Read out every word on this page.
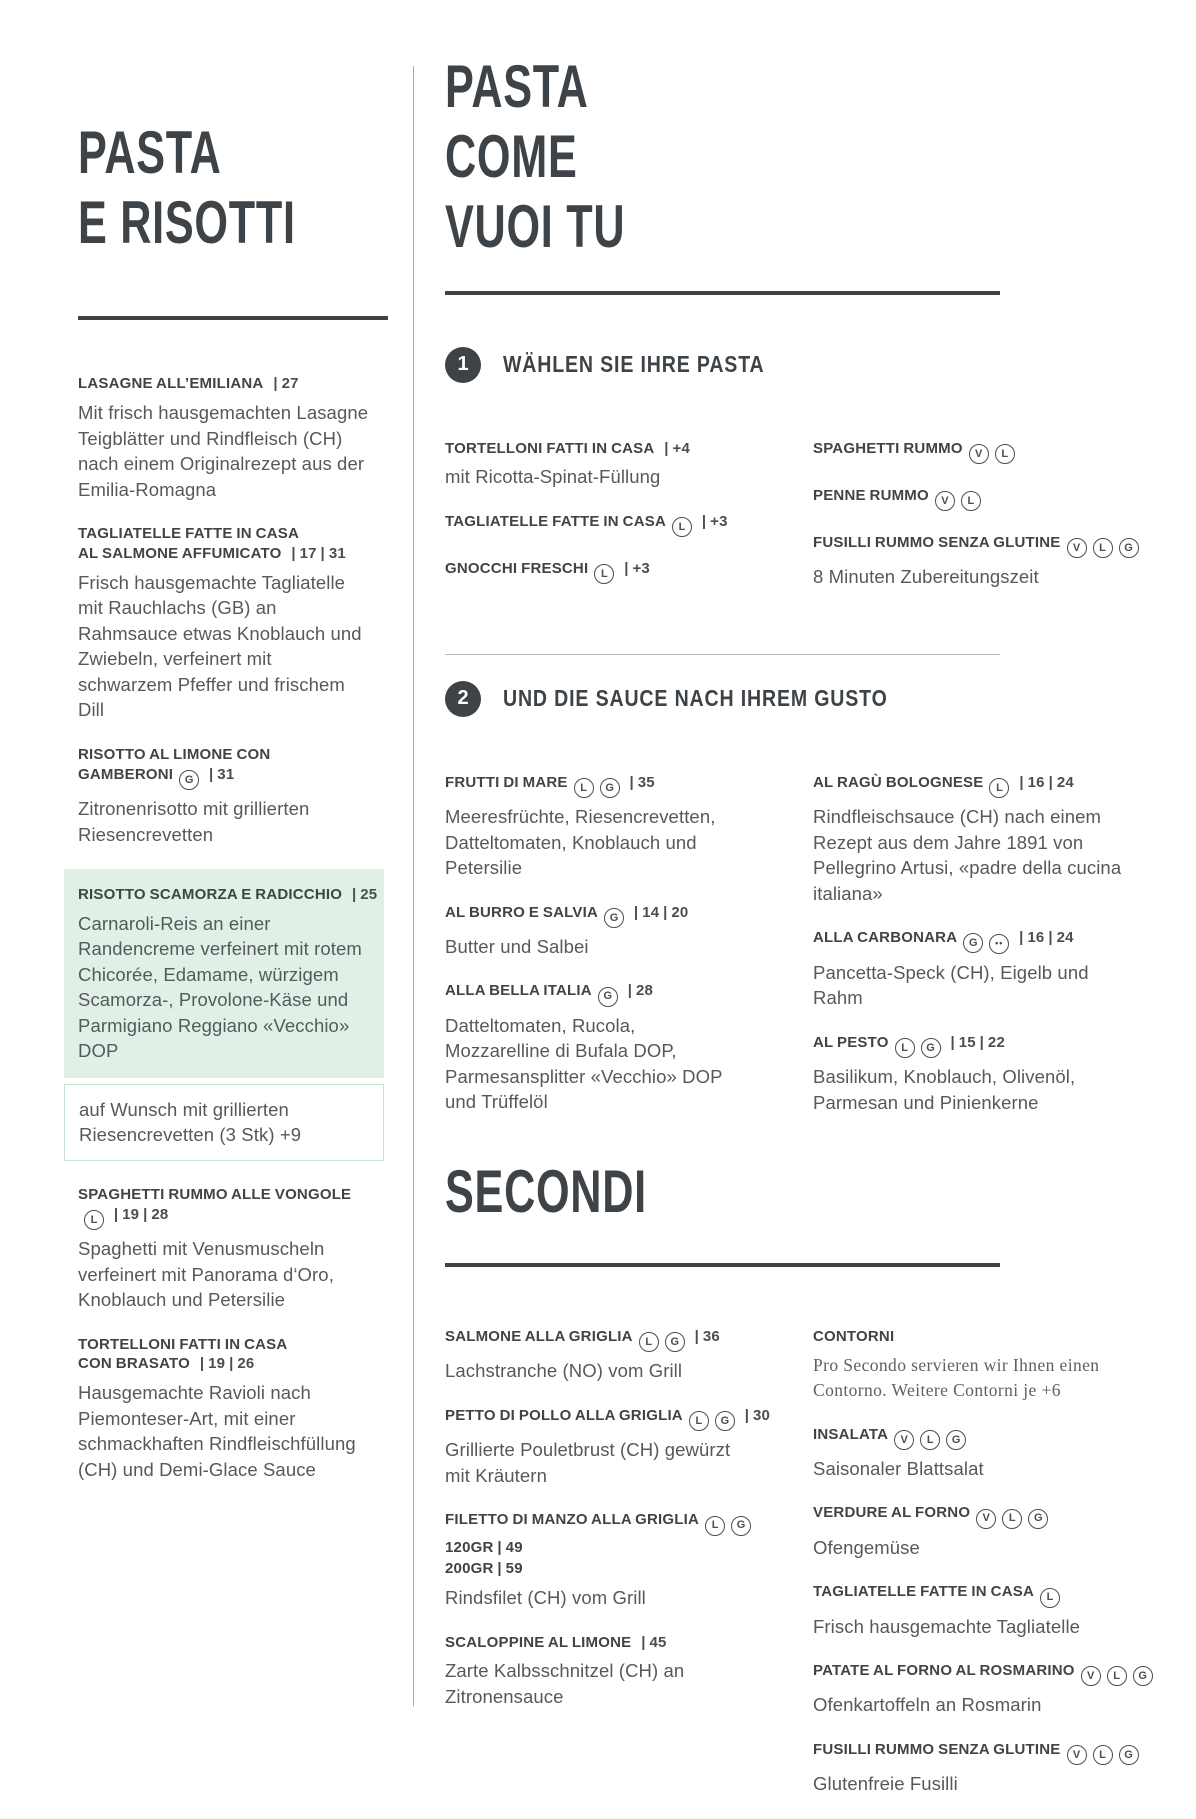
PASTA
E RISOTTI
LASAGNE ALL’EMILIANA | 27

Mit frisch hausgemachten Lasagne Teigblätter und Rindfleisch (CH) nach einem Originalrezept aus der Emilia-Romagna

TAGLIATELLE FATTE IN CASA
AL SALMONE AFFUMICATO | 17 | 31

Frisch hausgemachte Tagliatelle mit Rauchlachs (GB) an Rahmsauce etwas Knoblauch und Zwiebeln, verfeinert mit schwarzem Pfeffer und frischem Dill

RISOTTO AL LIMONE CON
GAMBERONI G | 31

Zitronenrisotto mit grillierten Riesencrevetten

RISOTTO SCAMORZA E RADICCHIO | 25

Carnaroli-Reis an einer Randencreme verfeinert mit rotem Chicorée, Edamame, würzigem Scamorza-, Provolone-Käse und Parmigiano Reggiano «Vecchio» DOP

auf Wunsch mit grillierten Riesencrevetten (3 Stk) +9

SPAGHETTI RUMMO ALLE VONGOLE
L | 19 | 28

Spaghetti mit Venusmuscheln verfeinert mit Panorama d‘Oro, Knoblauch und Petersilie

TORTELLONI FATTI IN CASA
CON BRASATO | 19 | 26

Hausgemachte Ravioli nach Piemonteser-Art, mit einer schmackhaften Rindfleischfüllung (CH) und Demi-Glace Sauce

PASTA
COME
VUOI TU
1	WÄHLEN SIE IHRE PASTA
TORTELLONI FATTI IN CASA | +4

mit Ricotta-Spinat-Füllung

TAGLIATELLE FATTE IN CASA L | +3
GNOCCHI FRESCHI L | +3
SPAGHETTI RUMMO V L
PENNE RUMMO V L
FUSILLI RUMMO SENZA GLUTINE V L G

8 Minuten Zubereitungszeit

2	UND DIE SAUCE NACH IHREM GUSTO
FRUTTI DI MARE L G | 35

Meeresfrüchte, Riesencrevetten, Datteltomaten, Knoblauch und Petersilie

AL BURRO E SALVIA G | 14 | 20

Butter und Salbei

ALLA BELLA ITALIA G | 28

Datteltomaten, Rucola, Mozzarelline di Bufala DOP, Parmesansplitter «Vecchio» DOP und Trüffelöl

AL RAGÙ BOLOGNESE L | 16 | 24

Rindfleischsauce (CH) nach einem Rezept aus dem Jahre 1891 von Pellegrino Artusi, «padre della cucina italiana»

ALLA CARBONARA G ••	| 16 | 24

Pancetta-Speck (CH), Eigelb und Rahm

AL PESTO L G | 15 | 22

Basilikum, Knoblauch, Olivenöl, Parmesan und Pinienkerne

SECONDI
SALMONE ALLA GRIGLIA L G | 36

Lachstranche (NO) vom Grill

PETTO DI POLLO ALLA GRIGLIA L G | 30

Grillierte Pouletbrust (CH) gewürzt mit Kräutern

FILETTO DI MANZO ALLA GRIGLIA L G
120GR | 49
200GR | 59

Rindsfilet (CH) vom Grill

SCALOPPINE AL LIMONE | 45

Zarte Kalbsschnitzel (CH) an Zitronensauce

CONTORNI

Pro Secondo servieren wir Ihnen einen Contorno. Weitere Contorni je +6

INSALATA V L G

Saisonaler Blattsalat

VERDURE AL FORNO V L G

Ofengemüse

TAGLIATELLE FATTE IN CASA L

Frisch hausgemachte Tagliatelle

PATATE AL FORNO AL ROSMARINO V L G

Ofenkartoffeln an Rosmarin

FUSILLI RUMMO SENZA GLUTINE V L G

Glutenfreie Fusilli
